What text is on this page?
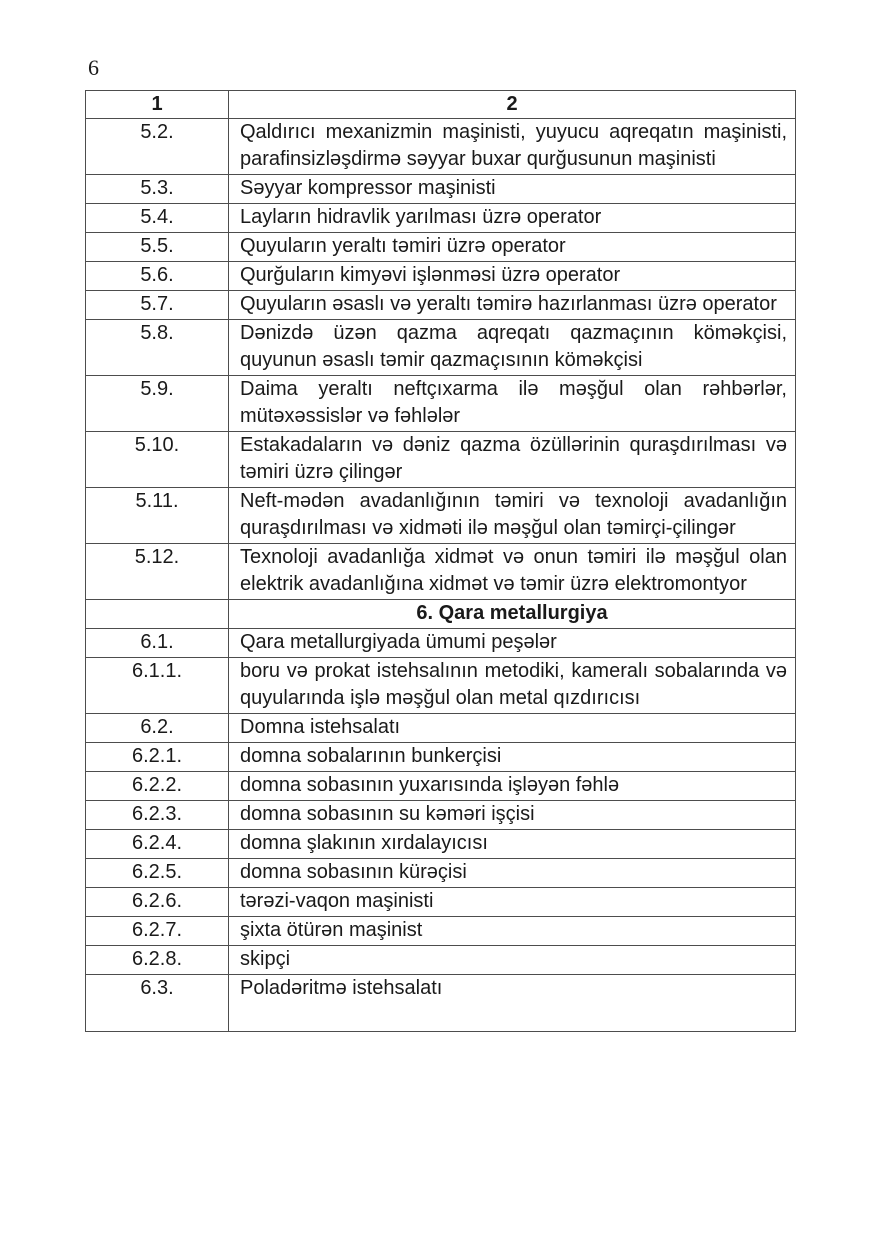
6
1	2
5.2.	Qaldırıcı mexanizmin maşinisti, yuyucu aqreqatın maşinisti, parafinsizləşdirmə səyyar buxar qurğusunun maşinisti
5.3.	Səyyar kompressor maşinisti
5.4.	Layların hidravlik yarılması üzrə operator
5.5.	Quyuların yeraltı təmiri üzrə operator
5.6.	Qurğuların kimyəvi işlənməsi üzrə operator
5.7.	Quyuların əsaslı və yeraltı təmirə hazırlanması üzrə operator
5.8.	Dənizdə üzən qazma aqreqatı qazmaçının köməkçisi, quyunun əsaslı təmir qazmaçısının köməkçisi
5.9.	Daima yeraltı neftçıxarma ilə məşğul olan rəhbərlər, mütəxəssislər və fəhlələr
5.10.	Estakadaların və dəniz qazma özüllərinin quraşdırılması və təmiri üzrə çilingər
5.11.	Neft-mədən avadanlığının təmiri və texnoloji avadanlığın quraşdırılması və xidməti ilə məşğul olan təmirçi-çilingər
5.12.	Texnoloji avadanlığa xidmət və onun təmiri ilə məşğul olan elektrik avadanlığına xidmət və təmir üzrə elektromontyor
	6. Qara metallurgiya
6.1.	Qara metallurgiyada ümumi peşələr
6.1.1.	boru və prokat istehsalının metodiki, kameralı sobalarında və quyularında işlə məşğul olan metal qızdırıcısı
6.2.	Domna istehsalatı
6.2.1.	domna sobalarının bunkerçisi
6.2.2.	domna sobasının yuxarısında işləyən fəhlə
6.2.3.	domna sobasının su kəməri işçisi
6.2.4.	domna şlakının xırdalayıcısı
6.2.5.	domna sobasının kürəçisi
6.2.6.	tərəzi-vaqon maşinisti
6.2.7.	şixta ötürən maşinist
6.2.8.	skipçi
6.3.	Poladəritmə istehsalatı
